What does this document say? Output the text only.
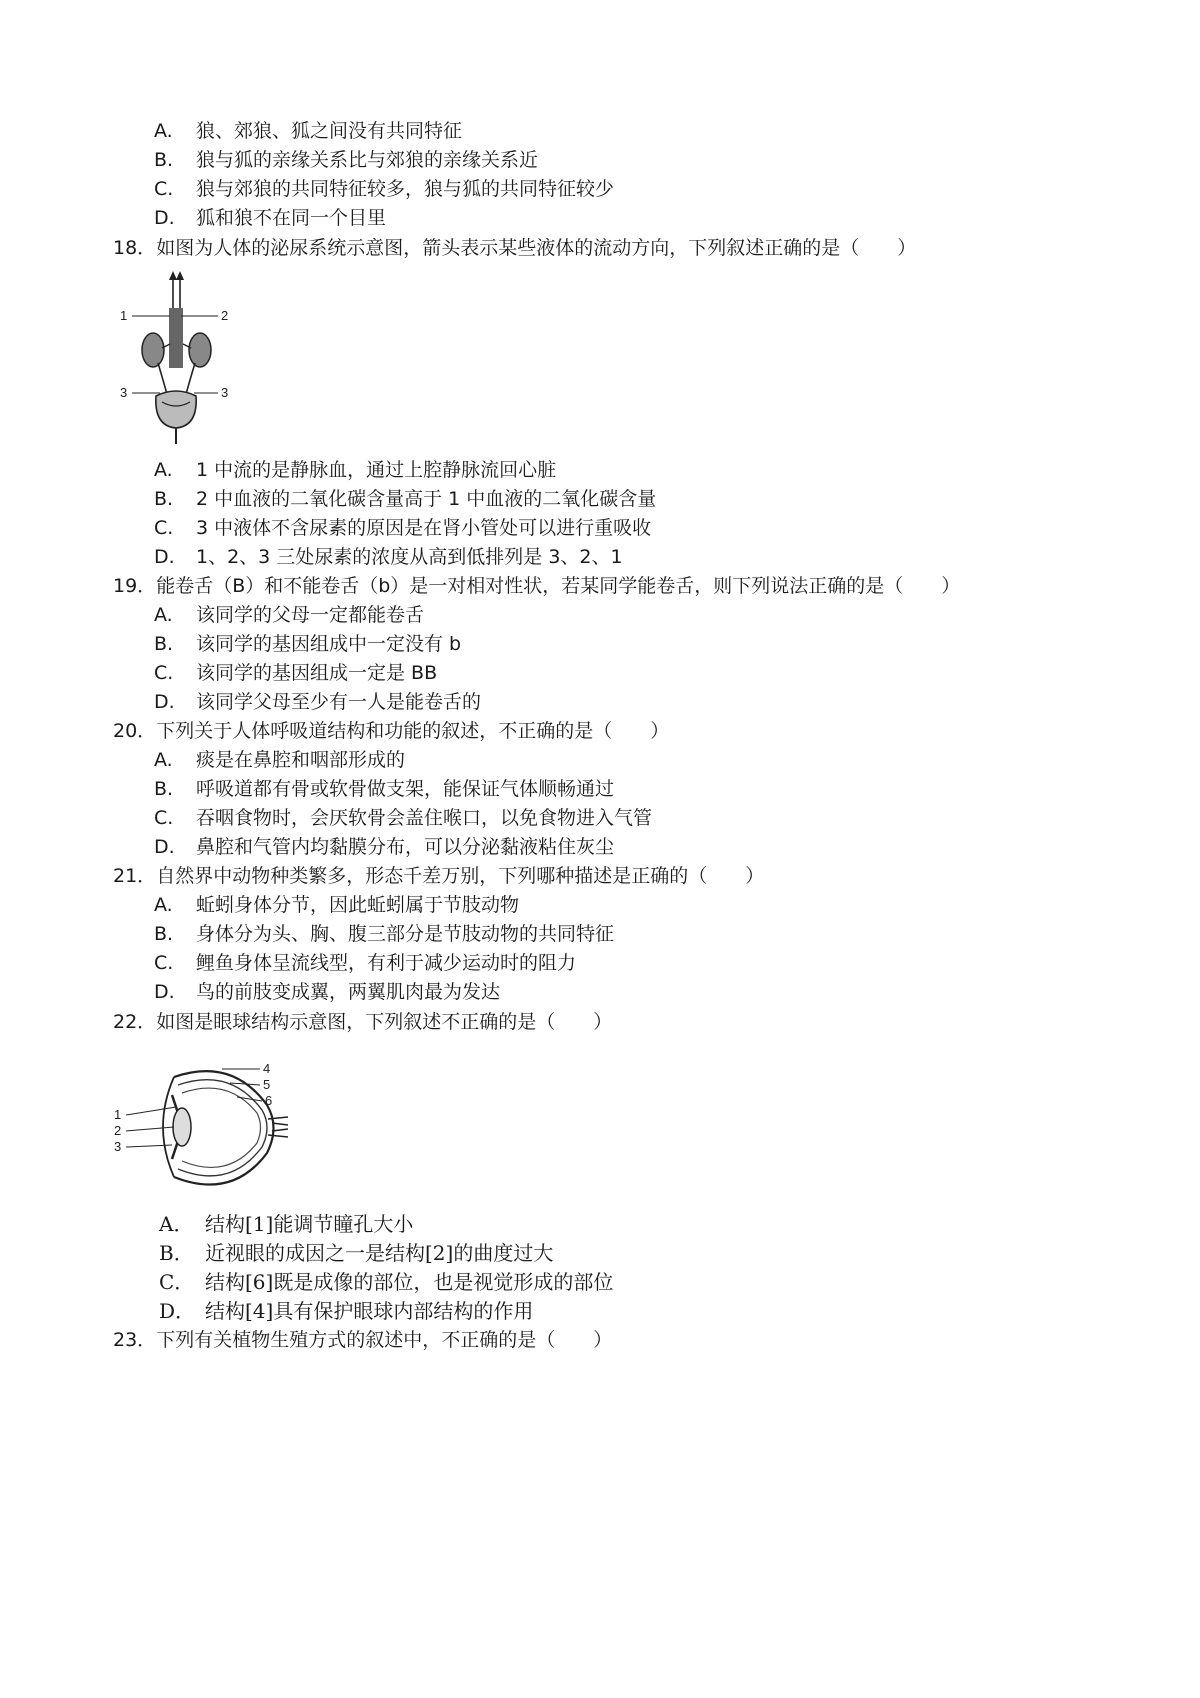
A. 狼、郊狼、狐之间没有共同特征
B. 狼与狐的亲缘关系比与郊狼的亲缘关系近
C. 狼与郊狼的共同特征较多，狼与狐的共同特征较少
D. 狐和狼不在同一个目里
18．如图为人体的泌尿系统示意图，箭头表示某些液体的流动方向，下列叙述正确的是（　　）
1	2
3	3
A. 1 中流的是静脉血，通过上腔静脉流回心脏
B. 2 中血液的二氧化碳含量高于 1 中血液的二氧化碳含量
C. 3 中液体不含尿素的原因是在肾小管处可以进行重吸收
D. 1、2、3 三处尿素的浓度从高到低排列是 3、2、1
19．能卷舌（B）和不能卷舌（b）是一对相对性状，若某同学能卷舌，则下列说法正确的是（　　）
A. 该同学的父母一定都能卷舌
B. 该同学的基因组成中一定没有 b
C. 该同学的基因组成一定是 BB
D. 该同学父母至少有一人是能卷舌的
20．下列关于人体呼吸道结构和功能的叙述，不正确的是（　　）
A. 痰是在鼻腔和咽部形成的
B. 呼吸道都有骨或软骨做支架，能保证气体顺畅通过
C. 吞咽食物时，会厌软骨会盖住喉口，以免食物进入气管
D. 鼻腔和气管内均黏膜分布，可以分泌黏液粘住灰尘
21．自然界中动物种类繁多，形态千差万别，下列哪种描述是正确的（　　）
A. 蚯蚓身体分节，因此蚯蚓属于节肢动物
B. 身体分为头、胸、腹三部分是节肢动物的共同特征
C. 鲤鱼身体呈流线型，有利于减少运动时的阻力
D. 鸟的前肢变成翼，两翼肌肉最为发达
22．如图是眼球结构示意图，下列叙述不正确的是（　　）
1
2
3
4
5
6
A． 结构[1]能调节瞳孔大小
B． 近视眼的成因之一是结构[2]的曲度过大
C． 结构[6]既是成像的部位，也是视觉形成的部位
D． 结构[4]具有保护眼球内部结构的作用
23．下列有关植物生殖方式的叙述中，不正确的是（　　）
